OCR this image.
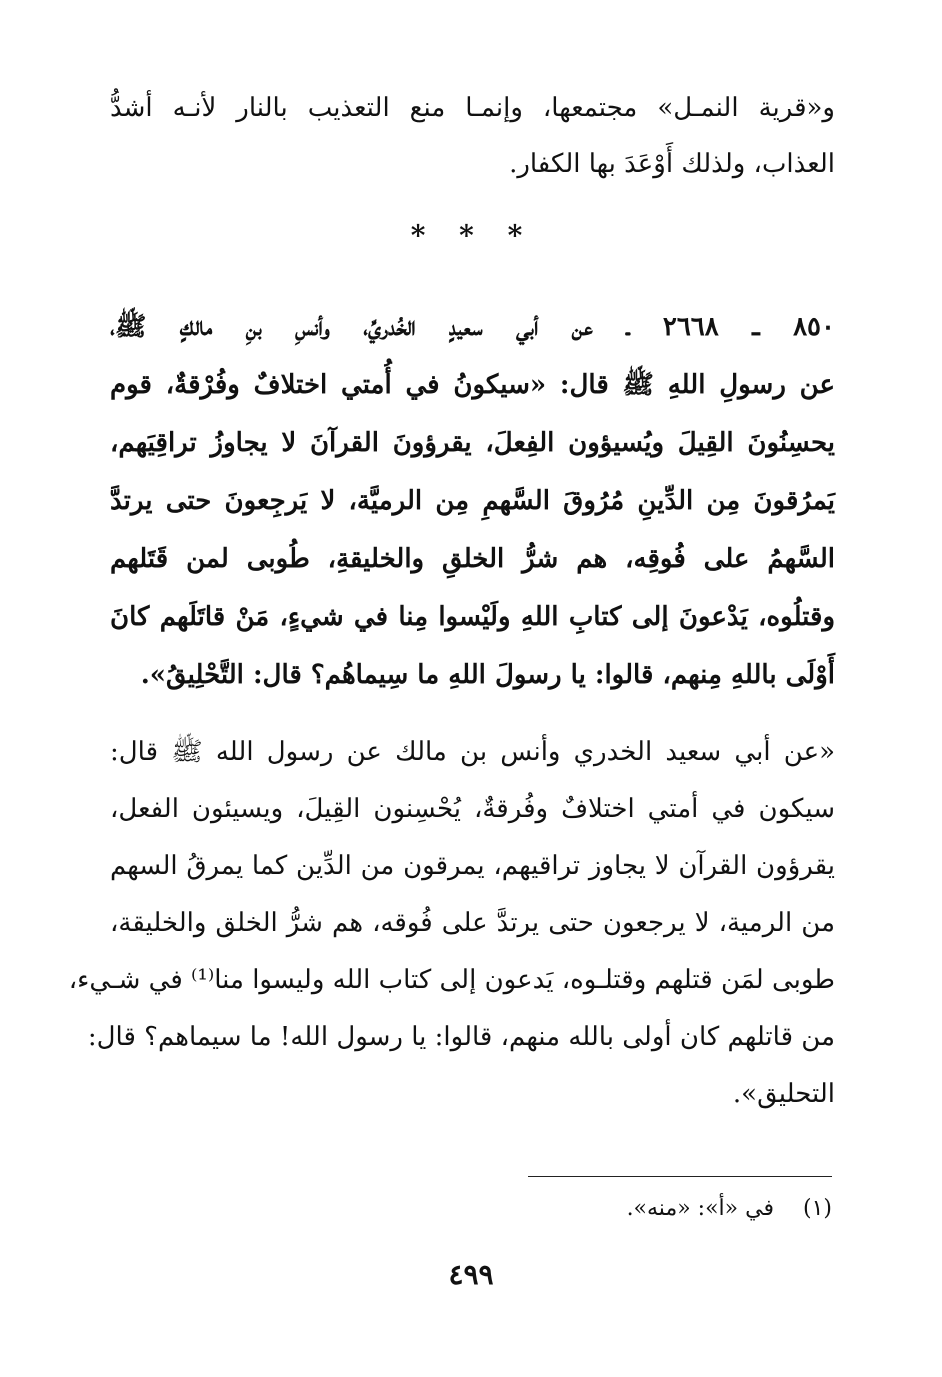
و«قرية النمـل» مجتمعها، وإنمـا منع التعذيب بالنار لأنـه أشدُّ
العذاب، ولذلك أَوْعَدَ بها الكفار.
* * *
٨٥٠ ـ ٢٦٦٨ ـ عن أبي سعيدٍ الخُدريِّ، وأنسِ بنِ مالكٍ ﷺ،
عن رسولِ اللهِ ﷺ قال: «سيكونُ في أُمتي اختلافٌ وفُرْقةٌ، قوم
يحسِنُونَ القِيلَ ويُسيؤون الفِعلَ، يقرؤونَ القرآنَ لا يجاوزُ تراقِيَهم،
يَمرُقونَ مِن الدِّينِ مُرُوقَ السَّهمِ مِن الرميَّة، لا يَرجِعونَ حتى يرتدَّ
السَّهمُ على فُوقِه، هم شرُّ الخلقِ والخليقةِ، طُوبى لمن قَتَلهم
وقتلُوه، يَدْعونَ إلى كتابِ اللهِ ولَيْسوا مِنا في شيءٍ، مَنْ قاتَلَهم كانَ
أَوْلَى باللهِ مِنهم، قالوا: يا رسولَ اللهِ ما سِيماهُم؟ قال: التَّحْلِيقُ».
«عن أبي سعيد الخدري وأنس بن مالك عن رسول الله ﷺ قال:
سيكون في أمتي اختلافٌ وفُرقةٌ، يُحْسِنون القِيلَ، ويسيئون الفعل،
يقرؤون القرآن لا يجاوز تراقيهم، يمرقون من الدِّين كما يمرقُ السهم
من الرمية، لا يرجعون حتى يرتدَّ على فُوقه، هم شرُّ الخلق والخليقة،
طوبى لمَن قتلهم وقتلـوه، يَدعون إلى كتاب الله وليسوا منا⁽¹⁾ في شـيء،
من قاتلهم كان أولى بالله منهم، قالوا: يا رسول الله! ما سيماهم؟ قال:
التحليق».
(١) في «أ»: «منه».
٤٩٩
